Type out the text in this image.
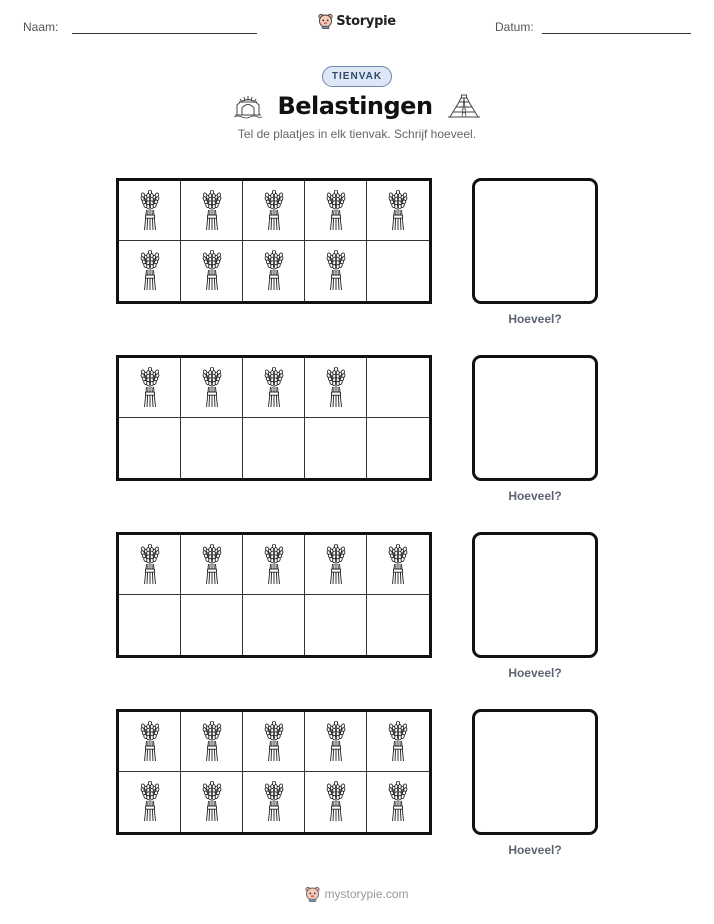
Naam:	Storypie	Datum:
TIENVAK
Belastingen
Tel de plaatjes in elk tienvak. Schrijf hoeveel.
Hoeveel?
Hoeveel?
Hoeveel?
Hoeveel?
mystorypie.com
